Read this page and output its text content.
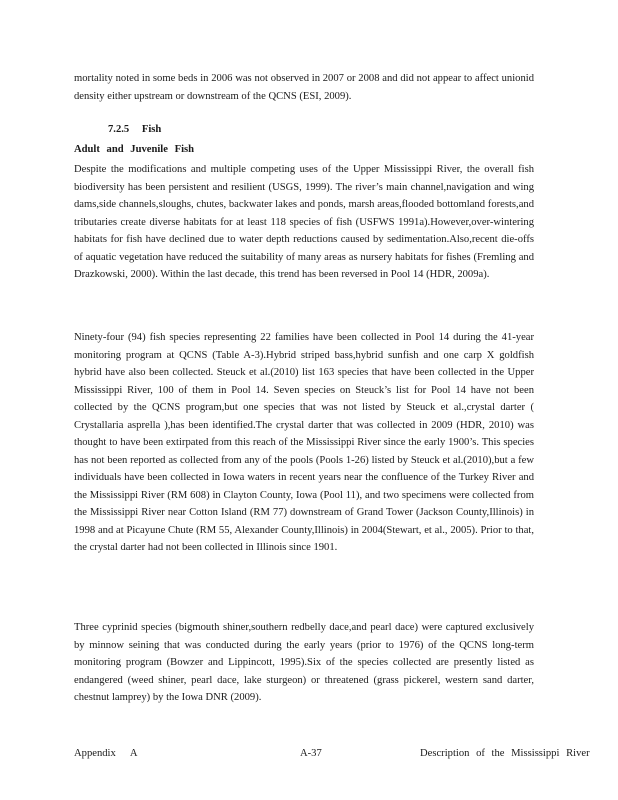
mortality noted in some beds in 2006 was not observed in 2007 or 2008 and did not appear to affect unionid density either upstream or downstream of the QCNS (ESI, 2009).

7.2.5 Fish

Adult and Juvenile Fish

Despite the modifications and multiple competing uses of the Upper Mississippi River, the overall fish biodiversity has been persistent and resilient (USGS, 1999). The river’s main channel,navigation and wing dams,side channels,sloughs, chutes, backwater lakes and ponds, marsh areas,flooded bottomland forests,and tributaries create diverse habitats for at least 118 species of fish (USFWS 1991a).However,over-wintering habitats for fish have declined due to water depth reductions caused by sedimentation.Also,recent die-offs of aquatic vegetation have reduced the suitability of many areas as nursery habitats for fishes (Fremling and Drazkowski, 2000). Within the last decade, this trend has been reversed in Pool 14 (HDR, 2009a).

Ninety-four (94) fish species representing 22 families have been collected in Pool 14 during the 41-year monitoring program at QCNS (Table A-3).Hybrid striped bass,hybrid sunfish and one carp X goldfish hybrid have also been collected. Steuck et al.(2010) list 163 species that have been collected in the Upper Mississippi River, 100 of them in Pool 14. Seven species on Steuck’s list for Pool 14 have not been collected by the QCNS program,but one species that was not listed by Steuck et al.,crystal darter ( Crystallaria asprella ),has been identified.The crystal darter that was collected in 2009 (HDR, 2010) was thought to have been extirpated from this reach of the Mississippi River since the early 1900’s. This species has not been reported as collected from any of the pools (Pools 1-26) listed by Steuck et al.(2010),but a few individuals have been collected in Iowa waters in recent years near the confluence of the Turkey River and the Mississippi River (RM 608) in Clayton County, Iowa (Pool 11), and two specimens were collected from the Mississippi River near Cotton Island (RM 77) downstream of Grand Tower (Jackson County,Illinois) in 1998 and at Picayune Chute (RM 55, Alexander County,Illinois) in 2004(Stewart, et al., 2005). Prior to that, the crystal darter had not been collected in Illinois since 1901.

Three cyprinid species (bigmouth shiner,southern redbelly dace,and pearl dace) were captured exclusively by minnow seining that was conducted during the early years (prior to 1976) of the QCNS long-term monitoring program (Bowzer and Lippincott, 1995).Six of the species collected are presently listed as endangered (weed shiner, pearl dace, lake sturgeon) or threatened (grass pickerel, western sand darter, chestnut lamprey) by the Iowa DNR (2009).

Appendix A	A-37	Description of the Mississippi River
